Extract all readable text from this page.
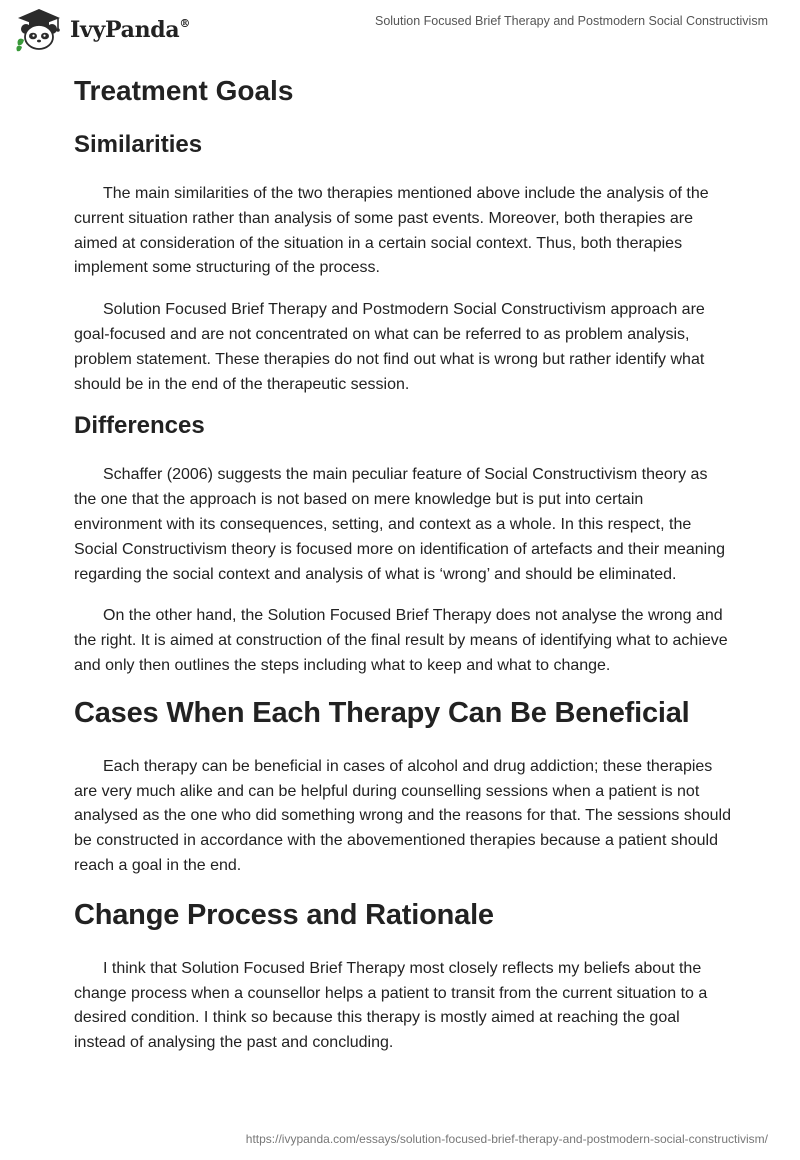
IvyPanda®	Solution Focused Brief Therapy and Postmodern Social Constructivism
Treatment Goals
Similarities

The main similarities of the two therapies mentioned above include the analysis of the current situation rather than analysis of some past events. Moreover, both therapies are aimed at consideration of the situation in a certain social context. Thus, both therapies implement some structuring of the process.

Solution Focused Brief Therapy and Postmodern Social Constructivism approach are goal-focused and are not concentrated on what can be referred to as problem analysis, problem statement. These therapies do not find out what is wrong but rather identify what should be in the end of the therapeutic session.

Differences

Schaffer (2006) suggests the main peculiar feature of Social Constructivism theory as the one that the approach is not based on mere knowledge but is put into certain environment with its consequences, setting, and context as a whole. In this respect, the Social Constructivism theory is focused more on identification of artefacts and their meaning regarding the social context and analysis of what is ‘wrong’ and should be eliminated.

On the other hand, the Solution Focused Brief Therapy does not analyse the wrong and the right. It is aimed at construction of the final result by means of identifying what to achieve and only then outlines the steps including what to keep and what to change.

Cases When Each Therapy Can Be Beneficial

Each therapy can be beneficial in cases of alcohol and drug addiction; these therapies are very much alike and can be helpful during counselling sessions when a patient is not analysed as the one who did something wrong and the reasons for that. The sessions should be constructed in accordance with the abovementioned therapies because a patient should reach a goal in the end.

Change Process and Rationale

I think that Solution Focused Brief Therapy most closely reflects my beliefs about the change process when a counsellor helps a patient to transit from the current situation to a desired condition. I think so because this therapy is mostly aimed at reaching the goal instead of analysing the past and concluding.

https://ivypanda.com/essays/solution-focused-brief-therapy-and-postmodern-social-constructivism/
